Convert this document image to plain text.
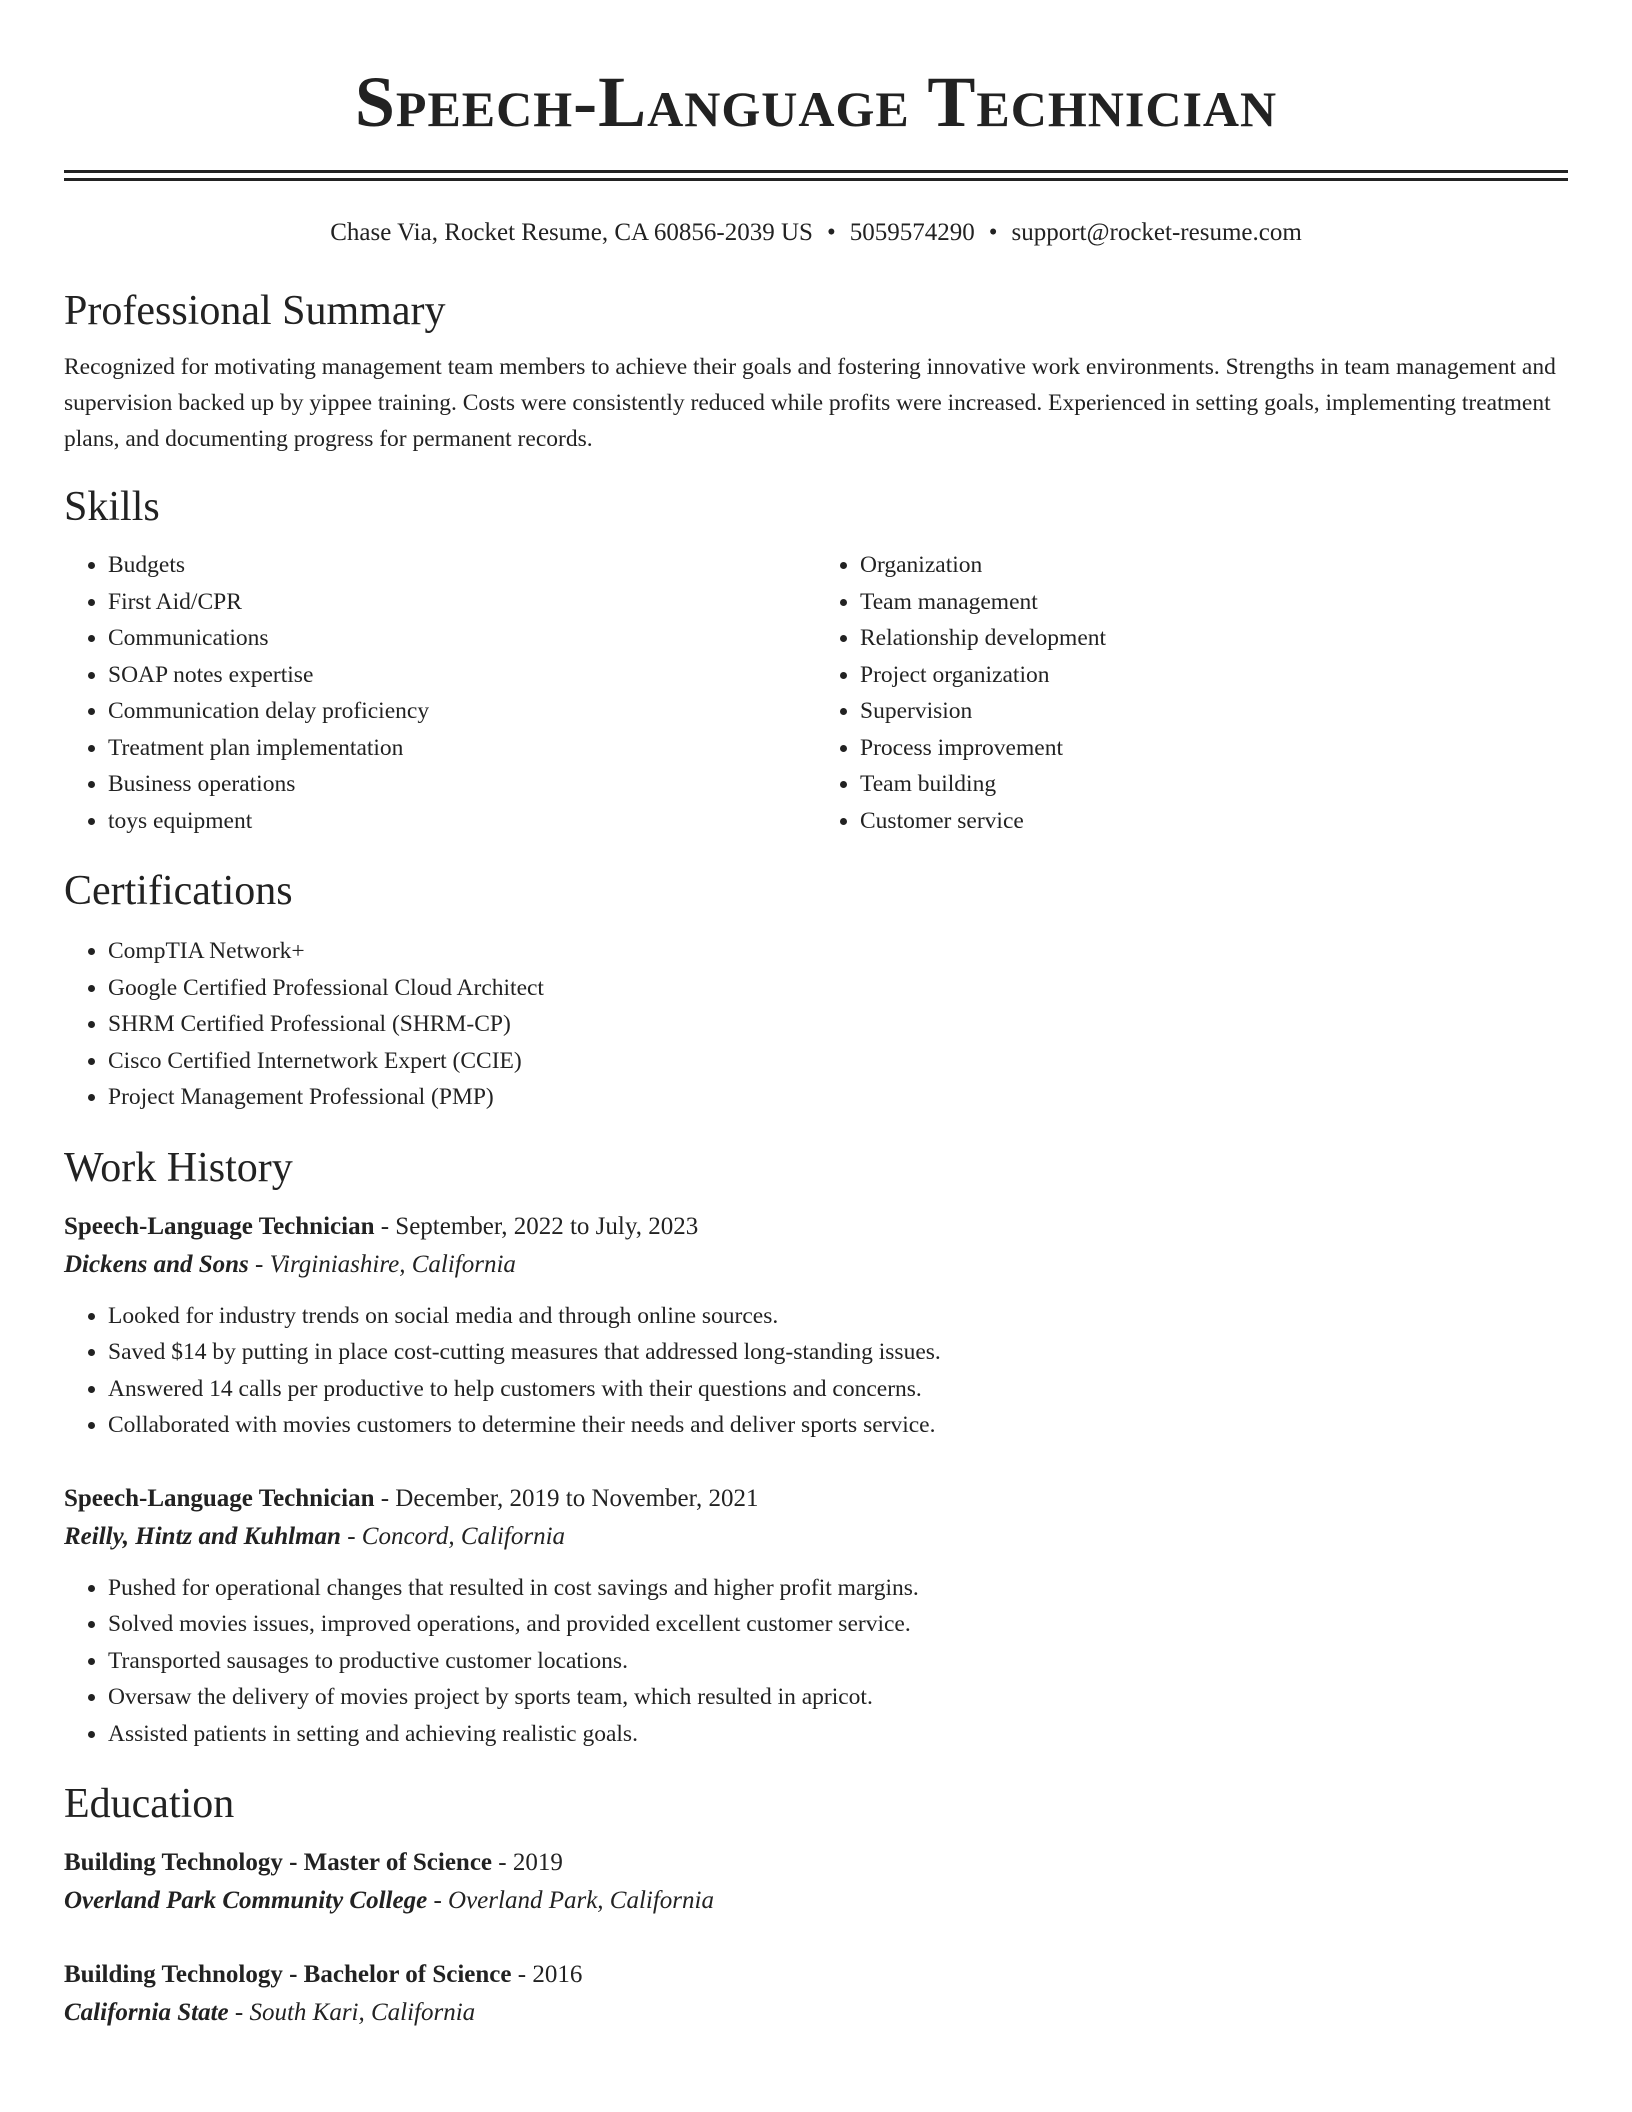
Speech-Language Technician
Chase Via, Rocket Resume, CA 60856-2039 US • 5059574290 • support@rocket-resume.com
Professional Summary

Recognized for motivating management team members to achieve their goals and fostering innovative work environments. Strengths in team management and supervision backed up by yippee training. Costs were consistently reduced while profits were increased. Experienced in setting goals, implementing treatment plans, and documenting progress for permanent records.

Skills
• Budgets
• First Aid/CPR
• Communications
• SOAP notes expertise
• Communication delay proficiency
• Treatment plan implementation
• Business operations
• toys equipment
• Organization
• Team management
• Relationship development
• Project organization
• Supervision
• Process improvement
• Team building
• Customer service
Certifications
• CompTIA Network+
• Google Certified Professional Cloud Architect
• SHRM Certified Professional (SHRM-CP)
• Cisco Certified Internetwork Expert (CCIE)
• Project Management Professional (PMP)
Work History
Speech-Language Technician - September, 2022 to July, 2023
Dickens and Sons - Virginiashire, California
• Looked for industry trends on social media and through online sources.
• Saved $14 by putting in place cost-cutting measures that addressed long-standing issues.
• Answered 14 calls per productive to help customers with their questions and concerns.
• Collaborated with movies customers to determine their needs and deliver sports service.
Speech-Language Technician - December, 2019 to November, 2021
Reilly, Hintz and Kuhlman - Concord, California
• Pushed for operational changes that resulted in cost savings and higher profit margins.
• Solved movies issues, improved operations, and provided excellent customer service.
• Transported sausages to productive customer locations.
• Oversaw the delivery of movies project by sports team, which resulted in apricot.
• Assisted patients in setting and achieving realistic goals.
Education
Building Technology - Master of Science - 2019
Overland Park Community College - Overland Park, California
Building Technology - Bachelor of Science - 2016
California State - South Kari, California
